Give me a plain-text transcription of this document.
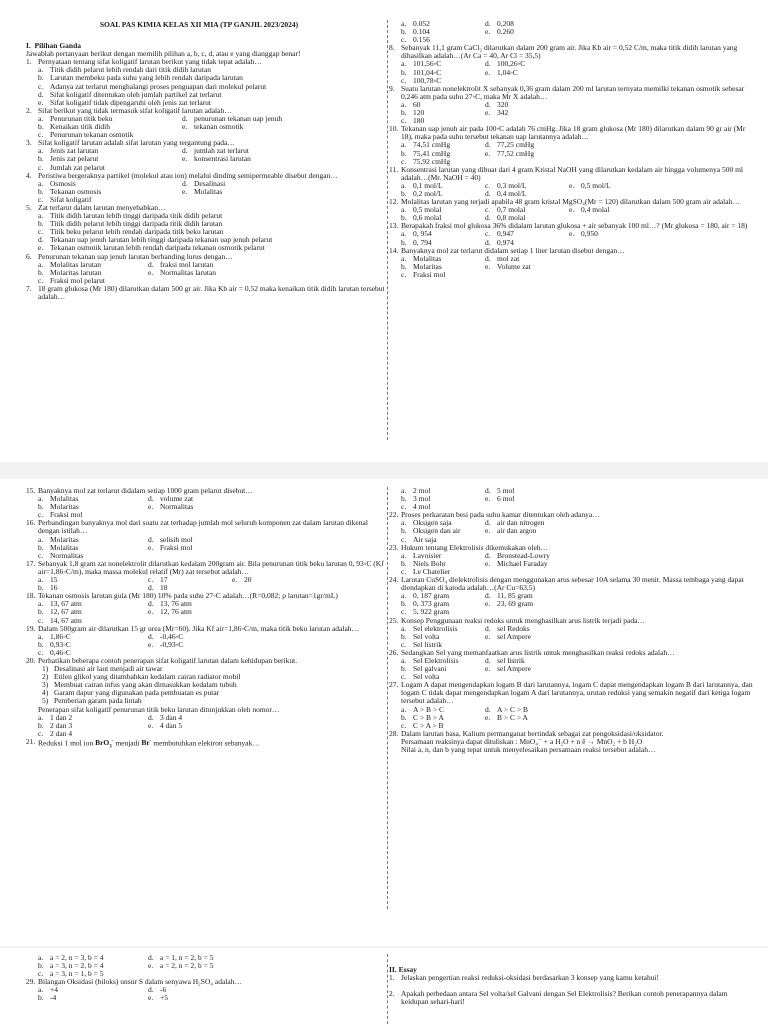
SOAL PAS KIMIA KELAS XII MIA (TP GANJIL 2023/2024)
I. Pilihan Ganda
Jawablah pertanyaan berikut dengan memilih pilihan a, b, c, d, atau e yang dianggap benar!
1. Pernyataan tentang sifat koligatif larutan berikut yang tidak tepat adalah…
a. Titik didih pelarut lebih rendah dari titik didih larutan
b. Larutan membeku pada suhu yang lebih rendah daripada larutan
c. Adanya zat terlarut menghalangi proses penguapan dari molekul pelarut
d. Sifat koligatif ditentukan oleh jumlah partikel zat terlarut
e. Sifat koligatif tidak dipengaruhi oleh jenis zat terlarut
2. Sifat berikut yang tidak termasuk sifat koligatif larutan adalah…
a. Penurunan titik beku	d. penurunan tekanan uap jenuh
b. Kenaikan titik didih	e. tekanan osmotik
c. Penurunan tekanan osmotik
3. Sifat koligatif larutan adalah sifat larutan yang tergantung pada…
a. Jenis zat larutan	d. jumlah zat terlarut
b. Jenis zat pelarut	e. konsentrasi larutan
c. Jumlah zat pelarut
4. Peristiwa bergeraknya partikel (molekul atau ion) melalui dinding semipermeable disebut dengan…
a. Osmosis	d. Desalinasi
b. Tekanan osmosis	e. Molalitas
c. Sifat koligatif
5. Zat terlarut dalam larutan menyebabkan…
a. Titik didih larutan lebih tinggi daripada titik didih pelarut
b. Titik didih pelarut lebih tinggi daripada titik didih larutan
c. Titik beku pelarut lebih rendah daripada titik beku larutan
d. Tekanan uap jenuh larutan lebih tinggi daripada tekanan uap jenuh pelarut
e. Tekanan osmotik larutan lebih rendah daripada tekanan osmotik pelarut
6. Penurunan tekanan uap jenuh larutan berbanding lurus dengan…
a. Molalitas larutan	d. fraksi mol larutan
b. Molaritas larutan	e. Normalitas larutan
c. Fraksi mol pelarut
7. 18 gram glukosa (Mr 180) dilarutkan dalam 500 gr air. Jika Kb air = 0,52 maka kenaikan titik didih larutan tersebut adalah…
a. 0.052	d. 0,208
b. 0.104	e. 0.260
c. 0.156
8. Sebanyak 11,1 gram CaCl₂ dilarutkan dalam 200 gram air. Jika Kb air = 0,52 C/m, maka titik didih larutan yang dihasilkan adalah…(Ar Ca = 40, Ar Cl = 35,5)
a. 101,56◦C	d. 100,26◦C
b. 101,04◦C	e. 1,04◦C
c. 100,78◦C
9. Suatu larutan nonelektrolit X sebanyak 0,36 gram dalam 200 ml larutan ternyata memilki tekanan osmotik sebesar 0,246 atm pada suhu 27◦C, maka Mr X adalah…
a. 60	d. 320
b. 120	e. 342
c. 180
10. Tekanan uap jenuh air pada 100◦C adalah 76 cmHg. Jika 18 gram glukosa (Mr 180) dilarutkan dalam 90 gr air (Mr 18), maka pada suhu tersebut tekanan uap larutannya adalah…
a. 74,51 cmHg	d. 77,25 cmHg
b. 75,41 cmHg	e. 77,52 cmHg
c. 75,92 cmHg
11. Konsentrasi larutan yang dibuat dari 4 gram Kristal NaOH yang dilarutkan kedalam air hingga volumenya 500 ml adalah…(Mr. NaOH = 40)
a. 0,1 mol/L	c. 0,3 mol/L	e. 0,5 mol/L
b. 0,2 mol/L	d. 0,4 mol/L
12. Molalitas larutan yang terjadi apabila 48 gram kristal MgSO₄(Mr = 120) dilarutkan dalam 500 gram air adalah…
a. 0,5 molal	c. 0,7 molal	e. 0,4 molal
b. 0,6 molal	d. 0,8 molal
13. Berapakah fraksi mol glukosa 36% didalam larutan glukosa + air sebanyak 100 ml…? (Mr glukosa = 180, air = 18)
a. 0, 954	c. 0,947	e. 0,950
b. 0, 794	d. 0,974
14. Banyaknya mol zat terlarut didalam setiap 1 liter larutan disebut dengan…
a. Molalitas	d. mol zat
b. Molaritas	e. Volume zat
c. Fraksi mol
15. Banyaknya mol zat terlarut didalam setiap 1000 gram pelarut disebut…
a. Molalitas	d. volume zat
b. Molaritas	e. Normalitas
c. Fraksi mol
16. Perbandingan banyaknya mol dari suatu zat terhadap jumlah mol seluruh komponen zat dalam larutan dikenal dengan istilah…
a. Molaritas	d. selisih mol
b. Molalitas	e. Fraksi mol
c. Normalitas
17. Sebanyak 1,8 gram zat nonelektrolit dilarutkan kedalam 200gram air. Bila penurunan titik beku larutan 0, 93◦C (Kf air=1,86◦C/m), maka massa molekul relatif (Mr) zat tersebut adalah…
a. 15	c. 17	e. 20
b. 16	d. 18
18. Tekanan osmosis larutan gula (Mr 180) 10% pada suhu 27◦C adalah…(R=0,082; ρ larutan=1gr/mL)
a. 13, 67 atm	d. 13, 76 atm
b. 12, 67 atm	e. 12, 76 atm
c. 14, 67 atm
19. Dalam 500gram air dilarutkan 15 gr urea (Mr=60). Jika Kf air=1,86◦C/m, maka titik beku larutan adalah…
a. 1,86◦C	d. -0,46◦C
b. 0,93◦C	e. -0,93◦C
c. 0,46◦C
20. Perhatikan beberapa contoh penerapan sifat koligatif larutan dalam kehidupan berikut.
1) Desalinasi air laut menjadi air tawar
2) Etilen glikol yang ditambahkan kedalam cairan radiator mobil
3) Membuat cairan infus yang akan dimasukkan kedalam tubuh
4) Garam dapur yang digunakan pada pembuatan es putar
5) Pemberian garam pada lintah
Penerapan sifat koligatif penurunan titik beku larutan ditunjukkan oleh nomor…
a. 1 dan 2	d. 3 dan 4
b. 2 dan 3	e. 4 dan 5
c. 2 dan 4
21. Reduksi 1 mol ion BrO$_3$- menjadi Br- membutuhkan elektron sebanyak…
a. 2 mol	d. 5 mol
b. 3 mol	e. 6 mol
c. 4 mol
22. Proses perkaratan besi pada suhu kamar ditentukan oleh adanya…
a. Oksigen saja	d. air dan nitrogen
b. Oksigen dan air	e. air dan argon
c. Air saja
23. Hukum tentang Elektrolisis dikemukakan oleh…
a. Lavoisier	d. Bronstead-Lowry
b. Niels Bohr	e. Michael Faraday
c. Le Chatelier
24. Larutan CuSO₄ dielektrolisis dengan menggunakan arus sebesar 10A selama 30 menit. Massa tembaga yang dapat diendapkan di katoda adalah…(Ar Cu=63,5)
a. 0, 187 gram	d. 11, 85 gram
b. 0, 373 gram	e. 23, 69 gram
c. 5, 922 gram
25. Konsep Penggunaan reaksi redoks untuk menghasilkan arus listrik terjadi pada…
a. Sel elektrolisis	d. sel Redoks
b. Sel volta	e. sel Ampere
c. Sel listrik
26. Sedangkan Sel yang memanfaatkan arus listrik untuk menghasilkan reaksi redoks adalah…
a. Sel Elektrolisis	d. sel listrik
b. Sel galvani	e. sel Ampere
c. Sel volta
27. Logam A dapat mengendapkan logam B dari larutannya, logam C dapat mengendapkan logam B dari larutannya, dan logam C tidak dapat mengendapkan logam A dari larutannya, urutan reduksi yang semakin negatif dari ketiga logam tersebut adalah…
a. A > B > C	d. A > C > B
b. C > B > A	e. B > C > A
c. C > A > B
28. Dalam larutan basa, Kalium permanganat bertindak sebagai zat pengoksidasi/oksidator.
Persamaan reaksinya dapat dituliskan : MnO₄⁻ + a H₂O + n ē → MnO₂ + b H₂O
Nilai a, n, dan b yang tepat untuk menyelesaikan persamaan reaksi tersebut adalah…
a. a = 2, n = 3, b = 4	d. a = 1, n = 2, b = 5
b. a = 3, n = 2, b = 4	e. a = 2, n = 2, b = 5
c. a = 3, n = 1, b = 5
29. Bilangan Oksidasi (biloks) unsur S dalam senyawa H₂SO₄ adalah…
a. +4	d. -6
b. -4	e. +5
II. Essay
1. Jelaskan pengertian reaksi reduksi-oksidasi berdasarkan 3 konsep yang kamu ketahui!
2. Apakah perbedaan antara Sel volta/sel Galvani dengan Sel Elektrolisis? Berikan contoh penerapannya dalam keidupan sehari-hari!
